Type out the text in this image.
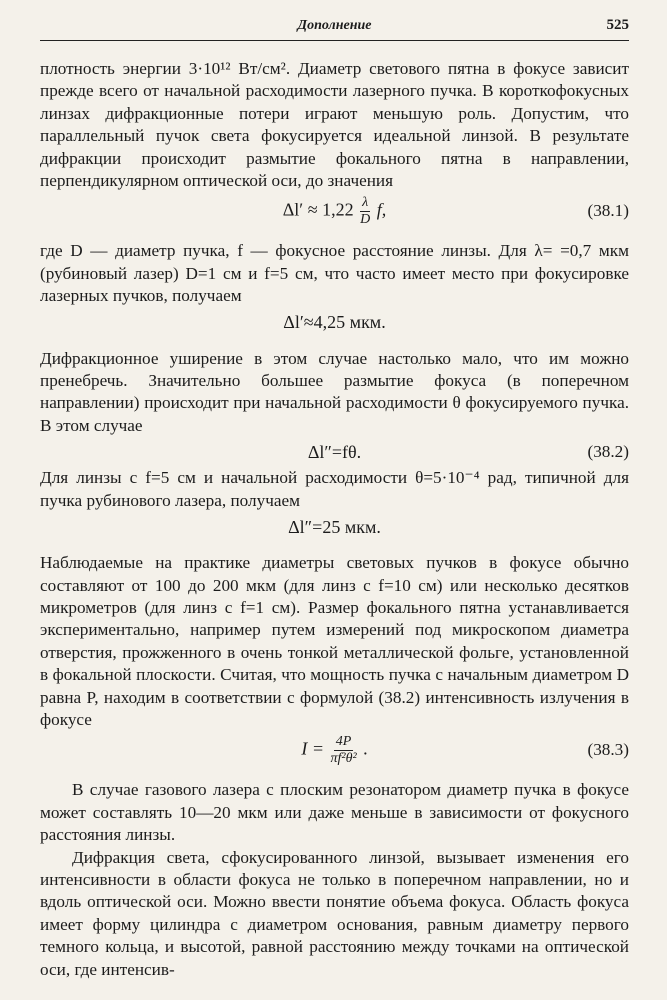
Дополнение	525

плотность энергии 3·10¹² Вт/см². Диаметр светового пятна в фокусе зависит прежде всего от начальной расходимости лазерного пучка. В короткофокусных линзах дифракционные потери играют меньшую роль. Допустим, что параллельный пучок света фокусируется идеальной линзой. В результате дифракции происходит размытие фокального пятна в направлении, перпендикулярном оптической оси, до значения

$\Delta l' \approx 1,22 \frac{\lambda}{D} f$,	(38.1)

где D — диаметр пучка, f — фокусное расстояние линзы. Для λ= =0,7 мкм (рубиновый лазер) D=1 см и f=5 см, что часто имеет место при фокусировке лазерных пучков, получаем

Δl′≈4,25 мкм.

Дифракционное уширение в этом случае настолько мало, что им можно пренебречь. Значительно большее размытие фокуса (в поперечном направлении) происходит при начальной расходимости θ фокусируемого пучка. В этом случае

Δl″=fθ.	(38.2)

Для линзы с f=5 см и начальной расходимости θ=5·10⁻⁴ рад, типичной для пучка рубинового лазера, получаем

Δl″=25 мкм.

Наблюдаемые на практике диаметры световых пучков в фокусе обычно составляют от 100 до 200 мкм (для линз с f=10 см) или несколько десятков микрометров (для линз с f=1 см). Размер фокального пятна устанавливается экспериментально, например путем измерений под микроскопом диаметра отверстия, прожженного в очень тонкой металлической фольге, установленной в фокальной плоскости. Считая, что мощность пучка с начальным диаметром D равна P, находим в соответствии с формулой (38.2) интенсивность излучения в фокусе

$I = \frac{4P}{\text{πf²θ²}}$ .	(38.3)

В случае газового лазера с плоским резонатором диаметр пучка в фокусе может составлять 10—20 мкм или даже меньше в зависимости от фокусного расстояния линзы.

Дифракция света, сфокусированного линзой, вызывает изменения его интенсивности в области фокуса не только в поперечном направлении, но и вдоль оптической оси. Можно ввести понятие объема фокуса. Область фокуса имеет форму цилиндра с диаметром основания, равным диаметру первого темного кольца, и высотой, равной расстоянию между точками на оптической оси, где интенсив-
